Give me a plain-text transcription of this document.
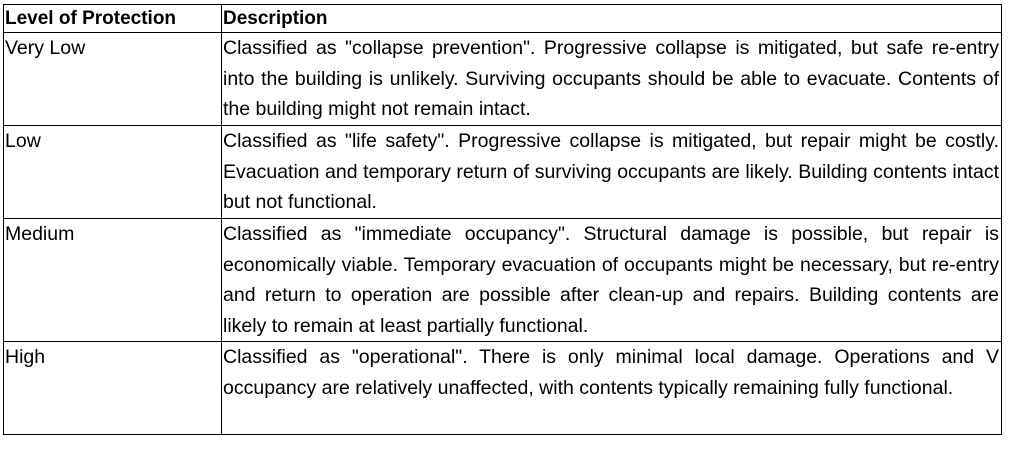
Level of Protection	Description
Very Low	Classified as "collapse prevention". Progressive collapse is mitigated, but safe re-entry into the building is unlikely. Surviving occupants should be able to evacuate. Contents of the building might not remain intact.
Low	Classified as "life safety". Progressive collapse is mitigated, but repair might be costly. Evacuation and temporary return of surviving occupants are likely. Building contents intact but not functional.
Medium	Classified as "immediate occupancy". Structural damage is possible, but repair is economically viable. Temporary evacuation of occupants might be necessary, but re-entry and return to operation are possible after clean-up and repairs. Building contents are likely to remain at least partially functional.
High	Classified as "operational". There is only minimal local damage. Operations and V occupancy are relatively unaffected, with contents typically remaining fully functional.
